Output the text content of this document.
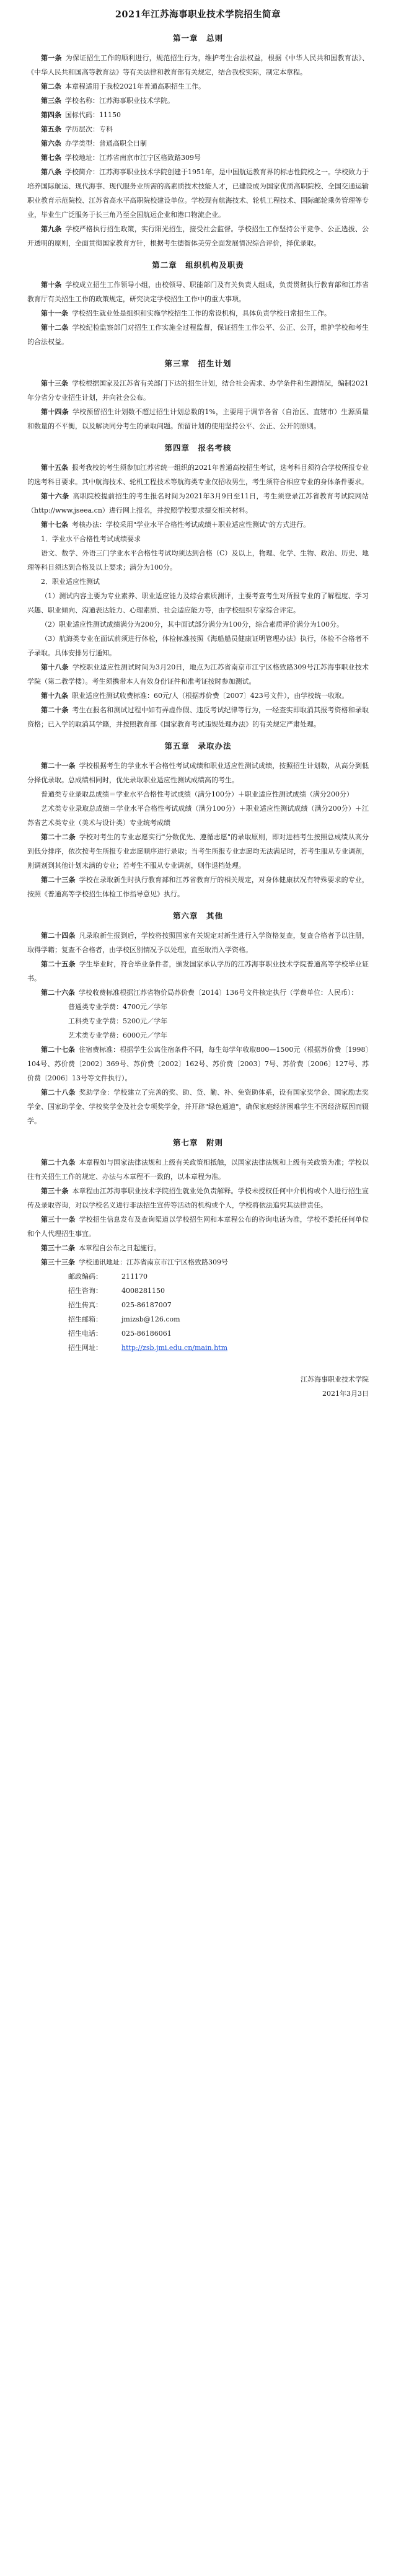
2021年江苏海事职业技术学院招生简章
第一章　总则

第一条 为保证招生工作的顺利进行，规范招生行为，维护考生合法权益，根据《中华人民共和国教育法》、《中华人民共和国高等教育法》等有关法律和教育部有关规定，结合我校实际，制定本章程。

第二条 本章程适用于我校2021年普通高职招生工作。

第三条 学校名称：江苏海事职业技术学院。

第四条 国标代码：11150

第五条 学历层次：专科

第六条 办学类型：普通高职全日制

第七条 学校地址：江苏省南京市江宁区格致路309号

第八条 学校简介：江苏海事职业技术学院创建于1951年，是中国航运教育界的标志性院校之一。学校致力于培养国际航运、现代海事、现代服务业所需的高素质技术技能人才，已建设成为国家优质高职院校、全国交通运输职业教育示范院校、江苏省高水平高职院校建设单位。学校现有航海技术、轮机工程技术、国际邮轮乘务管理等专业，毕业生广泛服务于长三角乃至全国航运企业和港口物流企业。

第九条 学校严格执行招生政策，实行阳光招生，接受社会监督。学校招生工作坚持公平竞争、公正选拔、公开透明的原则，全面贯彻国家教育方针，根据考生德智体美劳全面发展情况综合评价，择优录取。

第二章　组织机构及职责

第十条 学校成立招生工作领导小组，由校领导、职能部门及有关负责人组成，负责贯彻执行教育部和江苏省教育厅有关招生工作的政策规定，研究决定学校招生工作中的重大事项。

第十一条 学校招生就业处是组织和实施学校招生工作的常设机构，具体负责学校日常招生工作。

第十二条 学校纪检监察部门对招生工作实施全过程监督，保证招生工作公平、公正、公开，维护学校和考生的合法权益。

第三章　招生计划

第十三条 学校根据国家及江苏省有关部门下达的招生计划，结合社会需求、办学条件和生源情况，编制2021年分省分专业招生计划，并向社会公布。

第十四条 学校预留招生计划数不超过招生计划总数的1%，主要用于调节各省（自治区、直辖市）生源质量和数量的不平衡，以及解决同分考生的录取问题。预留计划的使用坚持公平、公正、公开的原则。

第四章　报名考核

第十五条 报考我校的考生须参加江苏省统一组织的2021年普通高校招生考试，选考科目须符合学校所报专业的选考科目要求。其中航海技术、轮机工程技术等航海类专业仅招收男生，考生须符合相应专业的身体条件要求。

第十六条 高职院校提前招生的考生报名时间为2021年3月9日至11日，考生须登录江苏省教育考试院网站（http://www.jseea.cn）进行网上报名，并按照学校要求提交相关材料。

第十七条 考核办法：学校采用"学业水平合格性考试成绩＋职业适应性测试"的方式进行。

1．学业水平合格性考试成绩要求

语文、数学、外语三门学业水平合格性考试均须达到合格（C）及以上，物理、化学、生物、政治、历史、地理等科目须达到合格及以上要求；满分为100分。

2．职业适应性测试

（1）测试内容主要为专业素养、职业适应能力及综合素质测评，主要考查考生对所报专业的了解程度、学习兴趣、职业倾向、沟通表达能力、心理素质、社会适应能力等，由学校组织专家综合评定。

（2）职业适应性测试成绩满分为200分，其中面试部分满分为100分，综合素质评价满分为100分。

（3）航海类专业在面试前须进行体检，体检标准按照《海船船员健康证明管理办法》执行，体检不合格者不予录取。具体安排另行通知。

第十八条 学校职业适应性测试时间为3月20日，地点为江苏省南京市江宁区格致路309号江苏海事职业技术学院（第二教学楼）。考生须携带本人有效身份证件和准考证按时参加测试。

第十九条 职业适应性测试收费标准：60元/人（根据苏价费〔2007〕423号文件），由学校统一收取。

第二十条 考生在报名和测试过程中如有弄虚作假、违反考试纪律等行为，一经查实即取消其报考资格和录取资格；已入学的取消其学籍，并按照教育部《国家教育考试违规处理办法》的有关规定严肃处理。

第五章　录取办法

第二十一条 学校根据考生的学业水平合格性考试成绩和职业适应性测试成绩，按照招生计划数，从高分到低分择优录取。总成绩相同时，优先录取职业适应性测试成绩高的考生。

普通类专业录取总成绩＝学业水平合格性考试成绩（满分100分）＋职业适应性测试成绩（满分200分）

艺术类专业录取总成绩＝学业水平合格性考试成绩（满分100分）＋职业适应性测试成绩（满分200分）＋江苏省艺术类专业（美术与设计类）专业统考成绩

第二十二条 学校对考生的专业志愿实行"分数优先、遵循志愿"的录取原则，即对进档考生按照总成绩从高分到低分排序，依次按考生所报专业志愿顺序进行录取；当考生所报专业志愿均无法满足时，若考生服从专业调剂，则调剂到其他计划未满的专业；若考生不服从专业调剂，则作退档处理。

第二十三条 学校在录取新生时执行教育部和江苏省教育厅的相关规定，对身体健康状况有特殊要求的专业，按照《普通高等学校招生体检工作指导意见》执行。

第六章　其他

第二十四条 凡录取新生报到后，学校将按照国家有关规定对新生进行入学资格复查，复查合格者予以注册，取得学籍；复查不合格者，由学校区别情况予以处理，直至取消入学资格。

第二十五条 学生毕业时，符合毕业条件者，颁发国家承认学历的江苏海事职业技术学院普通高等学校毕业证书。

第二十六条 学校收费标准根据江苏省物价局苏价费〔2014〕136号文件核定执行（学费单位：人民币）：

普通类专业学费：4700元／学年

工科类专业学费：5200元／学年

艺术类专业学费：6000元／学年

第二十七条 住宿费标准：根据学生公寓住宿条件不同，每生每学年收取800—1500元（根据苏价费〔1998〕104号、苏价费〔2002〕369号、苏价费〔2002〕162号、苏价费〔2003〕7号、苏价费〔2006〕127号、苏价费〔2006〕13号等文件执行）。

第二十八条 奖助学金：学校建立了完善的奖、助、贷、勤、补、免资助体系，设有国家奖学金、国家励志奖学金、国家助学金、学校奖学金及社会专项奖学金，并开辟"绿色通道"，确保家庭经济困难学生不因经济原因而辍学。

第七章　附则

第二十九条 本章程如与国家法律法规和上级有关政策相抵触，以国家法律法规和上级有关政策为准；学校以往有关招生工作的规定、办法与本章程不一致的，以本章程为准。

第三十条 本章程由江苏海事职业技术学院招生就业处负责解释。学校未授权任何中介机构或个人进行招生宣传及录取咨询，对以学校名义进行非法招生宣传等活动的机构或个人，学校将依法追究其法律责任。

第三十一条 学校招生信息发布及查询渠道以学校招生网和本章程公布的咨询电话为准，学校不委托任何单位和个人代理招生事宜。

第三十二条 本章程自公布之日起施行。

第三十三条 学校通讯地址：江苏省南京市江宁区格致路309号

邮政编码：	211170

招生咨询：	4008281150

招生传真：	025-86187007

招生邮箱：	jmizsb@126.com

招生电话：	025-86186061

招生网址：	http://zsb.jmi.edu.cn/main.htm

江苏海事职业技术学院
2021年3月3日
